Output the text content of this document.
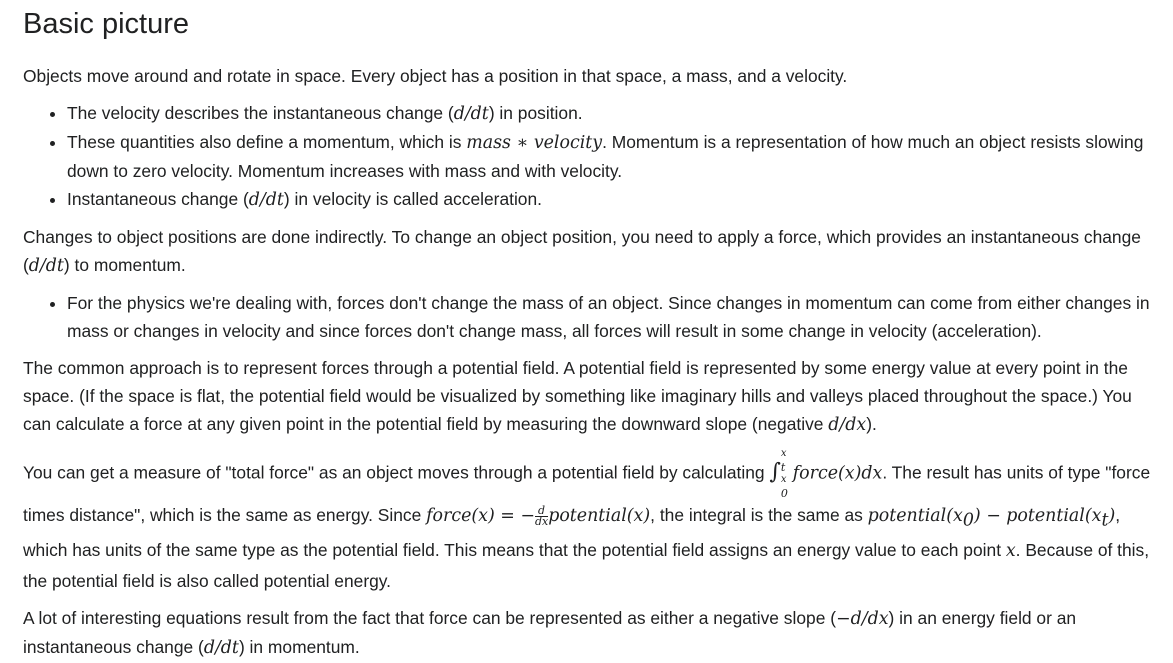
Basic picture

Objects move around and rotate in space. Every object has a position in that space, a mass, and a velocity.

• The velocity describes the instantaneous change (d/dt) in position.
• These quantities also define a momentum, which is mass ∗ velocity. Momentum is a representation of how much an object resists slowing down to zero velocity. Momentum increases with mass and with velocity.
• Instantaneous change (d/dt) in velocity is called acceleration.

Changes to object positions are done indirectly. To change an object position, you need to apply a force, which provides an instantaneous change (d/dt) to momentum.

• For the physics we're dealing with, forces don't change the mass of an object. Since changes in momentum can come from either changes in mass or changes in velocity and since forces don't change mass, all forces will result in some change in velocity (acceleration).

The common approach is to represent forces through a potential field. A potential field is represented by some energy value at every point in the space. (If the space is flat, the potential field would be visualized by something like imaginary hills and valleys placed throughout the space.) You can calculate a force at any given point in the potential field by measuring the downward slope (negative d/dx).

You can get a measure of "total force" as an object moves through a potential field by calculating ∫
x
$_t$
x
$_0$
force(x)dx. The result has units of type "force times distance", which is the same as energy. Since force(x) = − $\frac{d}{dx}$ potential(x), the integral is the same as $potential(x_0)$ − $potential(x_t)$, which has units of the same type as the potential field. This means that the potential field assigns an energy value to each point x. Because of this, the potential field is also called potential energy.

A lot of interesting equations result from the fact that force can be represented as either a negative slope (−d/dx) in an energy field or an instantaneous change (d/dt) in momentum.
